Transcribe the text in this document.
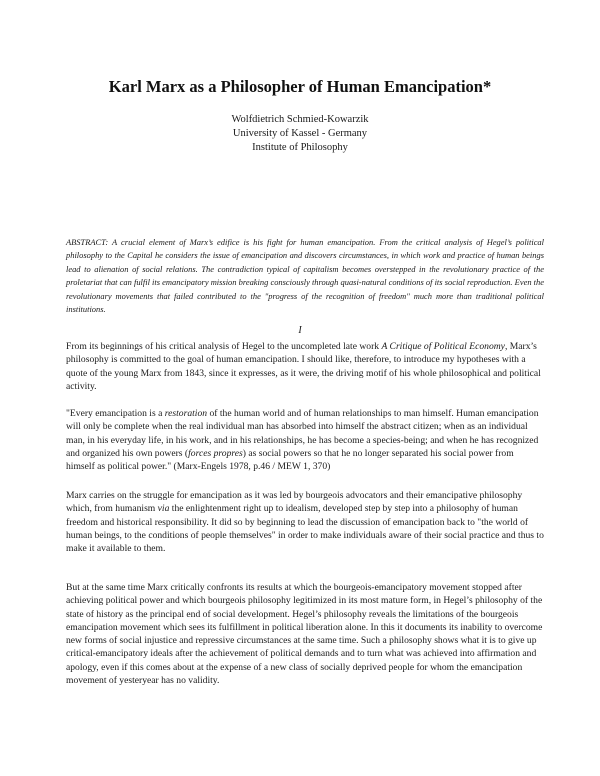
Karl Marx as a Philosopher of Human Emancipation*
Wolfdietrich Schmied-Kowarzik
University of Kassel - Germany
Institute of Philosophy
ABSTRACT: A crucial element of Marx’s edifice is his fight for human emancipation. From the critical analysis of Hegel’s political philosophy to the Capital he considers the issue of emancipation and discovers circumstances, in which work and practice of human beings lead to alienation of social relations. The contradiction typical of capitalism becomes overstepped in the revolutionary practice of the proletariat that can fulfil its emancipatory mission breaking consciously through quasi-natural conditions of its social reproduction. Even the revolutionary movements that failed contributed to the "progress of the recognition of freedom" much more than traditional political institutions.
I

From its beginnings of his critical analysis of Hegel to the uncompleted late work A Critique of Political Economy, Marx’s philosophy is committed to the goal of human emancipation. I should like, therefore, to introduce my hypotheses with a quote of the young Marx from 1843, since it expresses, as it were, the driving motif of his whole philosophical and political activity.

"Every emancipation is a restoration of the human world and of human relationships to man himself. Human emancipation will only be complete when the real individual man has absorbed into himself the abstract citizen; when as an individual man, in his everyday life, in his work, and in his relationships, he has become a species-being; and when he has recognized and organized his own powers (forces propres) as social powers so that he no longer separated his social power from himself as political power." (Marx-Engels 1978, p.46 / MEW 1, 370)

Marx carries on the struggle for emancipation as it was led by bourgeois advocators and their emancipative philosophy which, from humanism via the enlightenment right up to idealism, developed step by step into a philosophy of human freedom and historical responsibility. It did so by beginning to lead the discussion of emancipation back to "the world of human beings, to the conditions of people themselves" in order to make individuals aware of their social practice and thus to make it available to them.

But at the same time Marx critically confronts its results at which the bourgeois-emancipatory movement stopped after achieving political power and which bourgeois philosophy legitimized in its most mature form, in Hegel’s philosophy of the state of history as the principal end of social development. Hegel’s philosophy reveals the limitations of the bourgeois emancipation movement which sees its fulfillment in political liberation alone. In this it documents its inability to overcome new forms of social injustice and repressive circumstances at the same time. Such a philosophy shows what it is to give up critical-emancipatory ideals after the achievement of political demands and to turn what was achieved into affirmation and apology, even if this comes about at the expense of a new class of socially deprived people for whom the emancipation movement of yesteryear has no validity.
